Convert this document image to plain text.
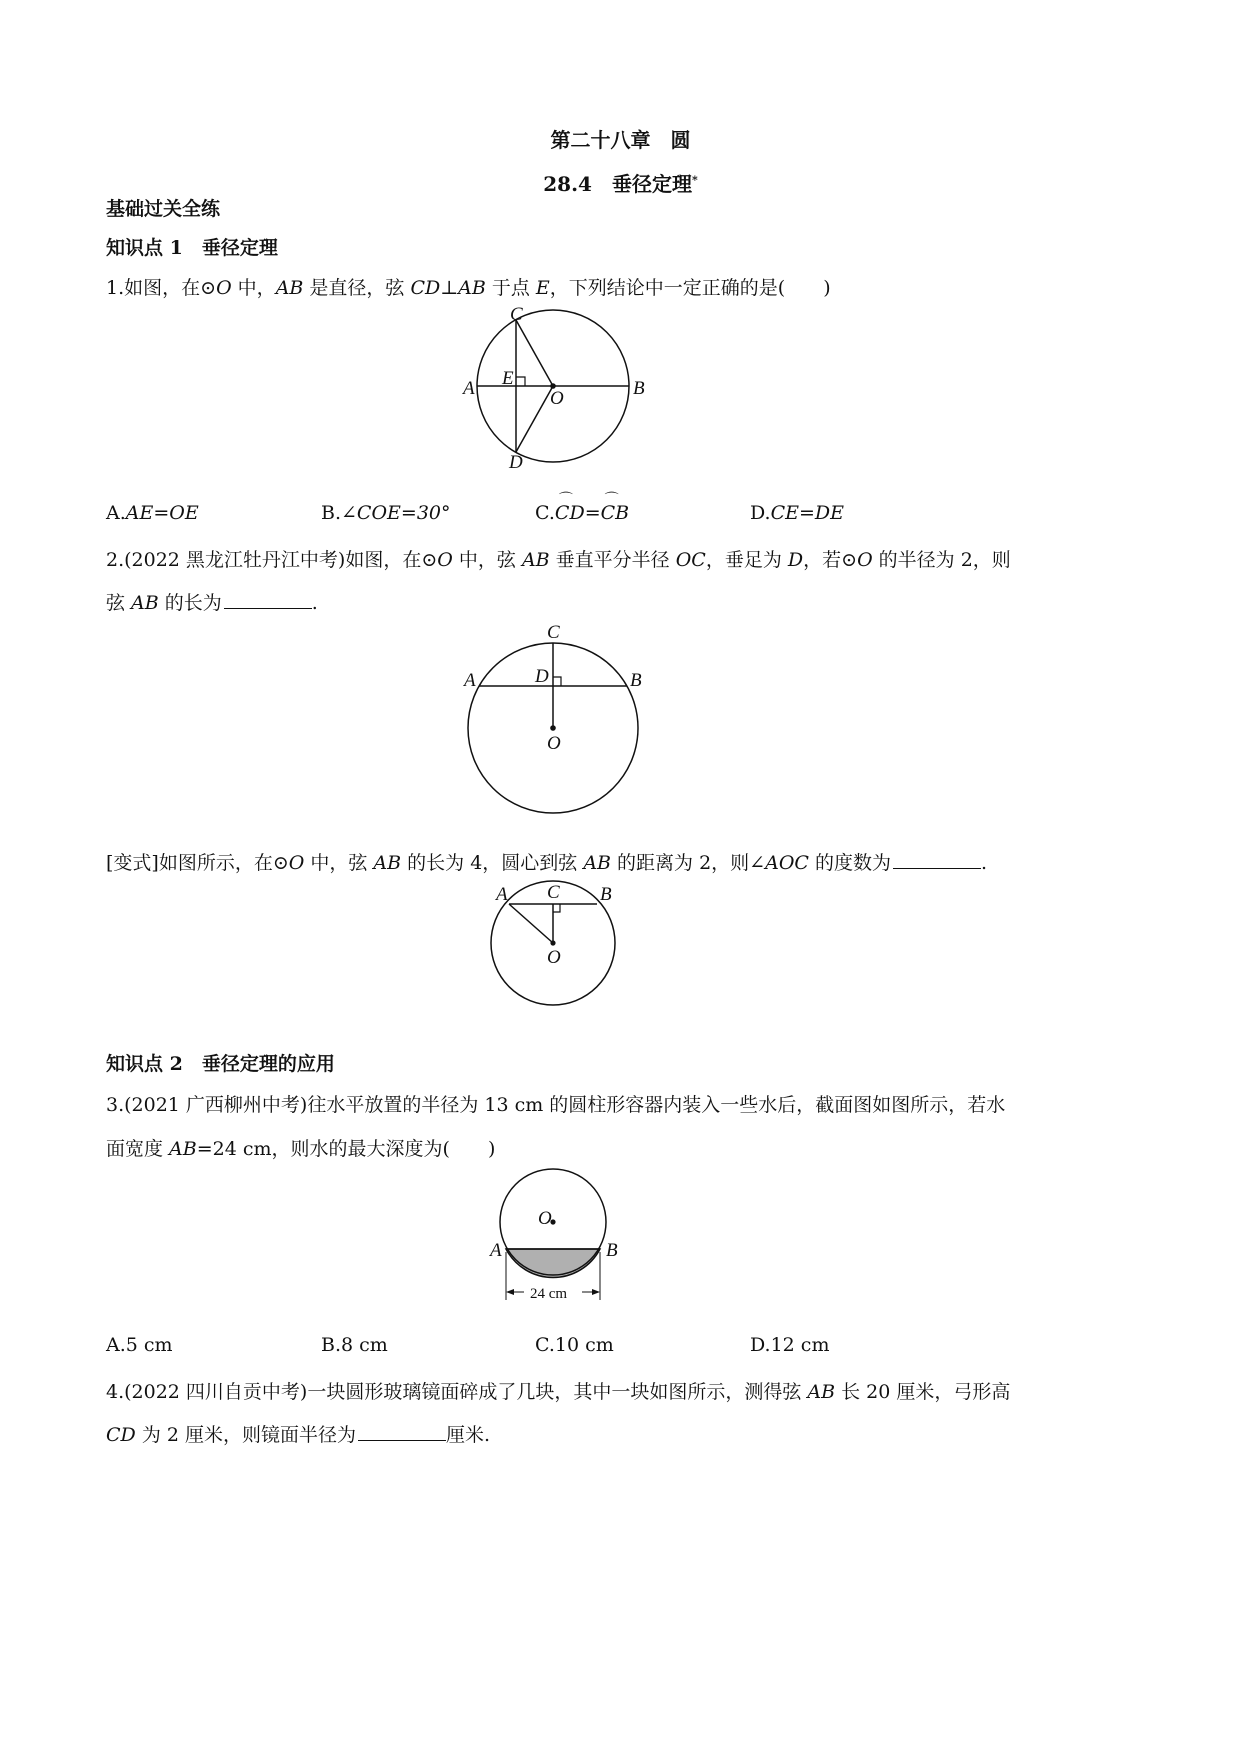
第二十八章　圆
28.4　垂径定理*
基础过关全练
知识点 1　垂径定理
1.如图，在⊙O 中，AB 是直径，弦 CD⊥AB 于点 E，下列结论中一定正确的是(　　)
C
E
A	O	B
D
A.AE=OE	B.∠COE=30°	C.⌒ CD=⌒ CB	D.CE=DE
2.(2022 黑龙江牡丹江中考)如图，在⊙O 中，弦 AB 垂直平分半径 OC，垂足为 D，若⊙O 的半径为 2，则
弦 AB 的长为	.
C
A	D	B
O
[变式]如图所示，在⊙O 中，弦 AB 的长为 4，圆心到弦 AB 的距离为 2，则∠AOC 的度数为	.
A C B
O
知识点 2　垂径定理的应用
3.(2021 广西柳州中考)往水平放置的半径为 13 cm 的圆柱形容器内装入一些水后，截面图如图所示，若水
面宽度 AB=24 cm，则水的最大深度为(　　)
O
A	B
24 cm
A.5 cm	B.8 cm	C.10 cm	D.12 cm
4.(2022 四川自贡中考)一块圆形玻璃镜面碎成了几块，其中一块如图所示，测得弦 AB 长 20 厘米，弓形高
CD 为 2 厘米，则镜面半径为	厘米.
